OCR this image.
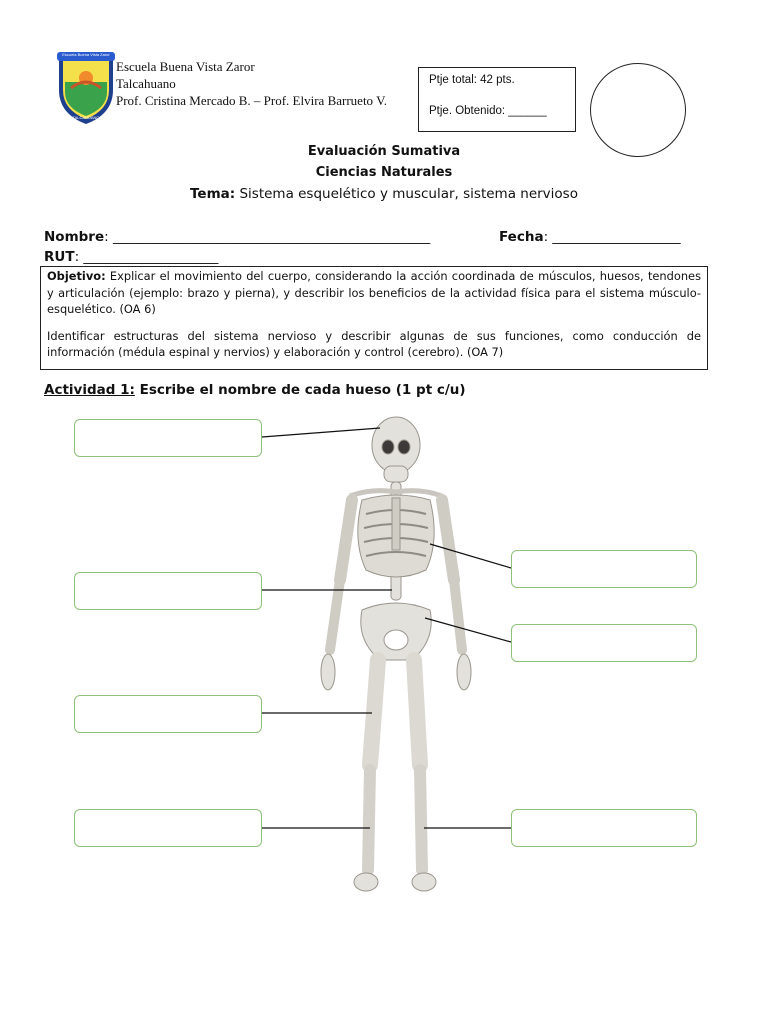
Escuela Buena Vista Zaror
TALCAHUANO
Escuela Buena Vista Zaror
Talcahuano
Prof. Cristina Mercado B. – Prof. Elvira Barrueto V.
Ptje total: 42 pts.
Ptje. Obtenido: ______
Evaluación Sumativa
Ciencias Naturales
Tema: Sistema esquelético y muscular, sistema nervioso
Nombre: _______________________________________________	Fecha: ___________________
RUT: ____________________

Objetivo: Explicar el movimiento del cuerpo, considerando la acción coordinada de músculos, huesos, tendones y articulación (ejemplo: brazo y pierna), y describir los beneficios de la actividad física para el sistema músculo-esquelético. (OA 6)

Identificar estructuras del sistema nervioso y describir algunas de sus funciones, como conducción de información (médula espinal y nervios) y elaboración y control (cerebro). (OA 7)

Actividad 1: Escribe el nombre de cada hueso (1 pt c/u)
